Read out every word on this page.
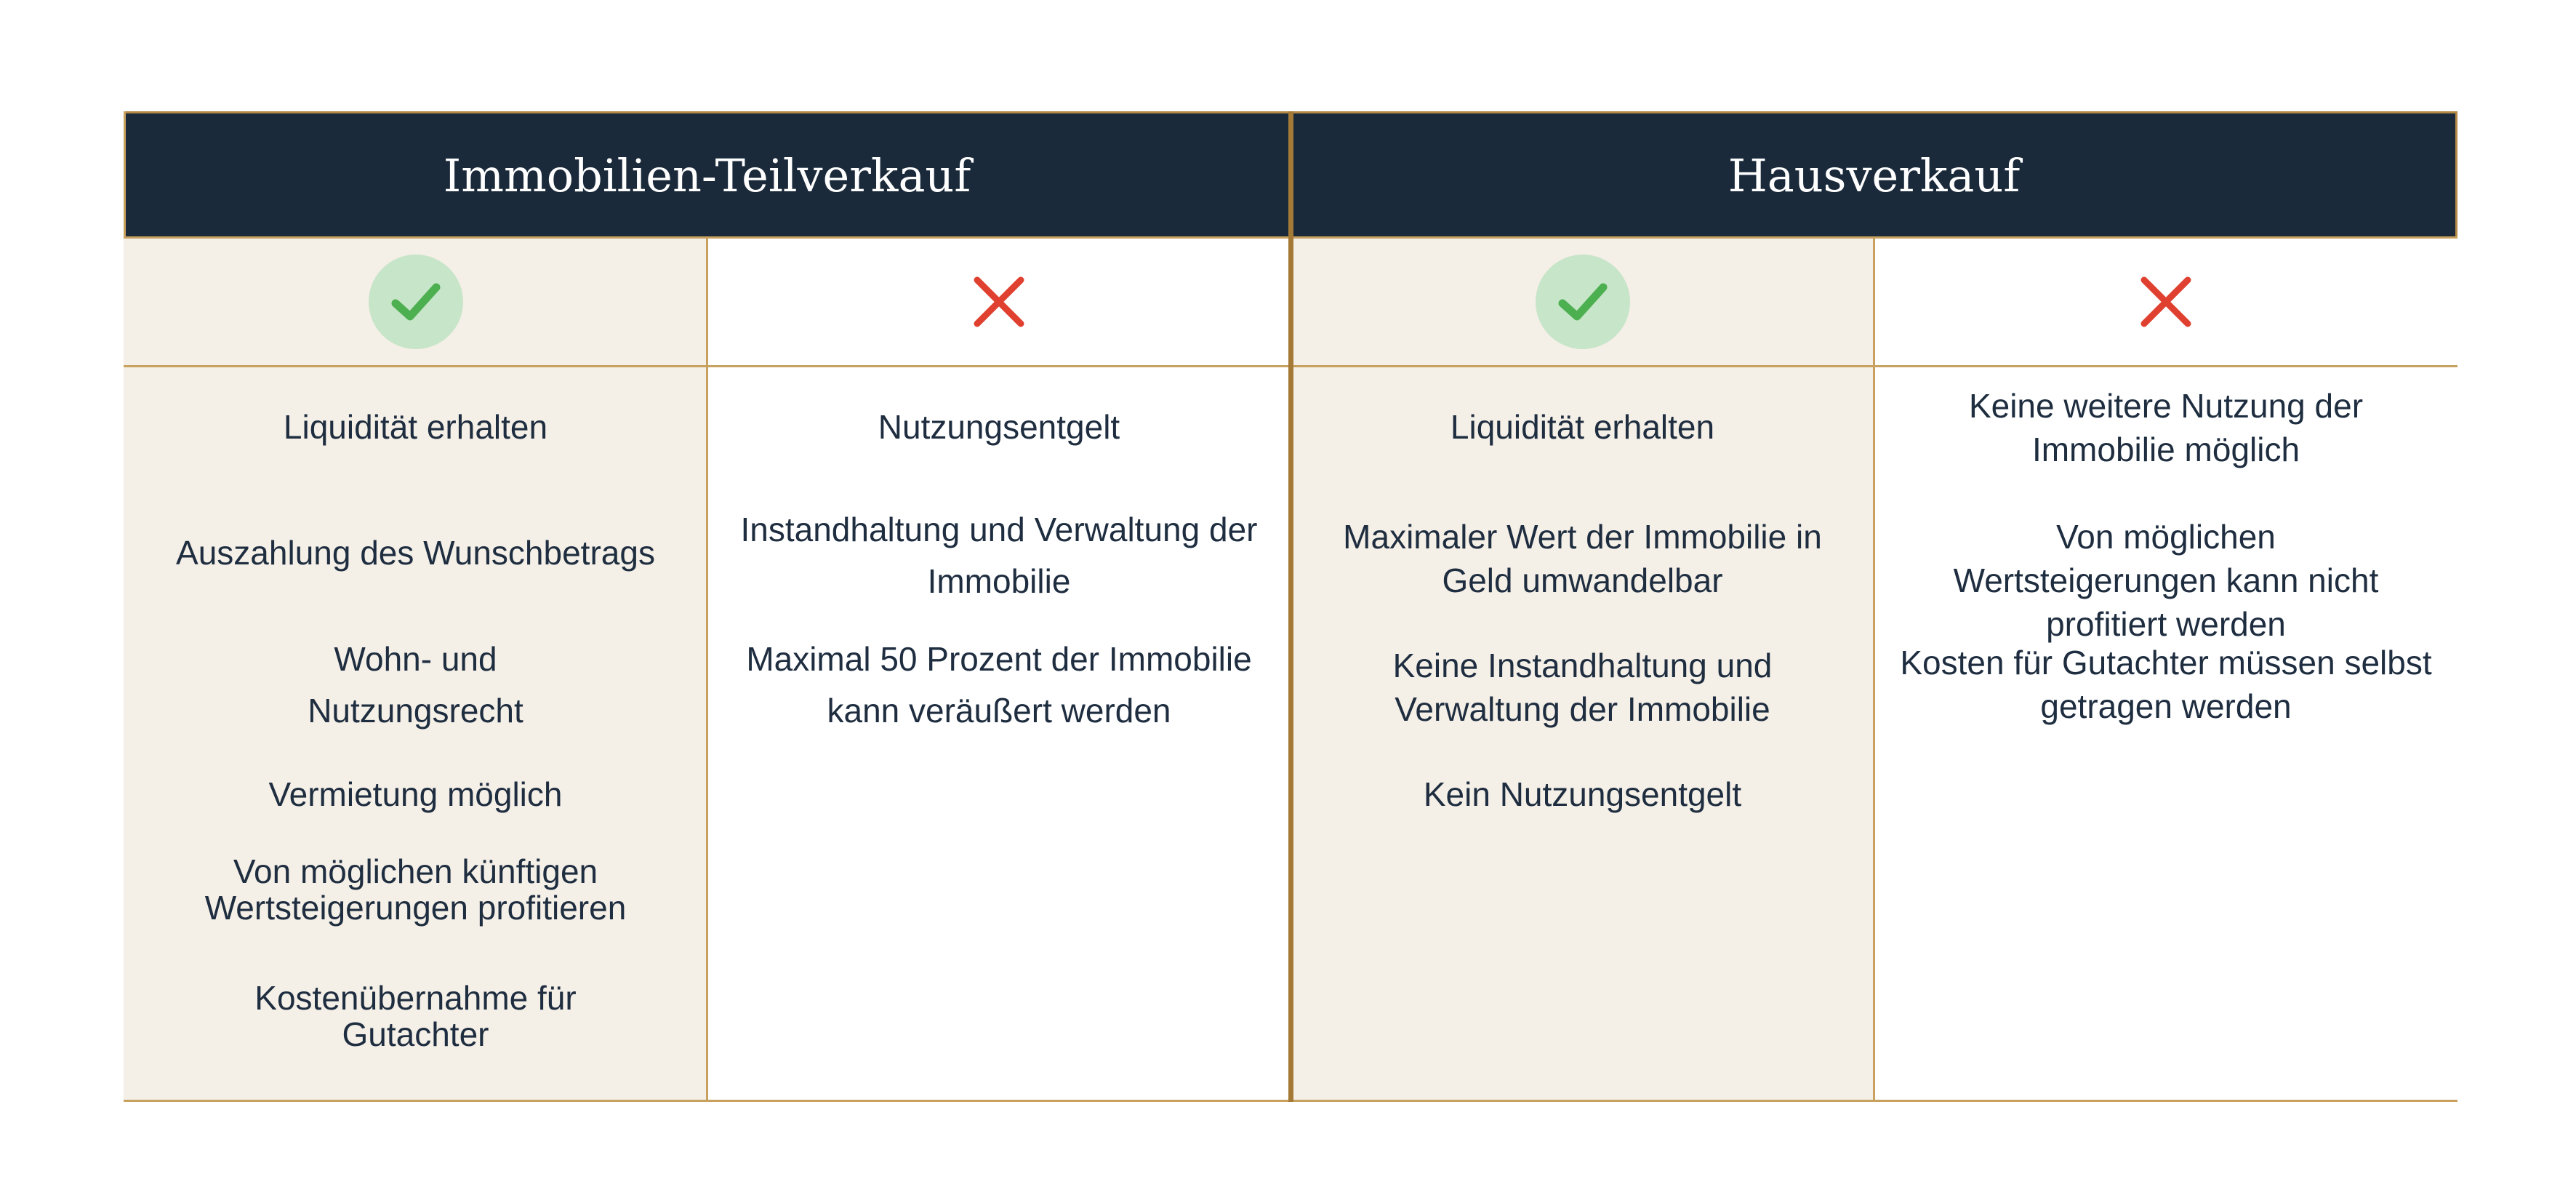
Immobilien-Teilverkauf	Hausverkauf
Liquidität erhalten
Auszahlung des Wunschbetrags
Wohn- und Nutzungsrecht
Vermietung möglich
Von möglichen künftigen Wertsteigerungen profitieren
Kostenübernahme für Gutachter
Nutzungsentgelt
Instandhaltung und Verwaltung der Immobilie
Maximal 50 Prozent der Immobilie kann veräußert werden
Liquidität erhalten
Maximaler Wert der Immobilie in Geld umwandelbar
Keine Instandhaltung und Verwaltung der Immobilie
Kein Nutzungsentgelt
Keine weitere Nutzung der Immobilie möglich
Von möglichen Wertsteigerungen kann nicht profitiert werden
Kosten für Gutachter müssen selbst getragen werden
